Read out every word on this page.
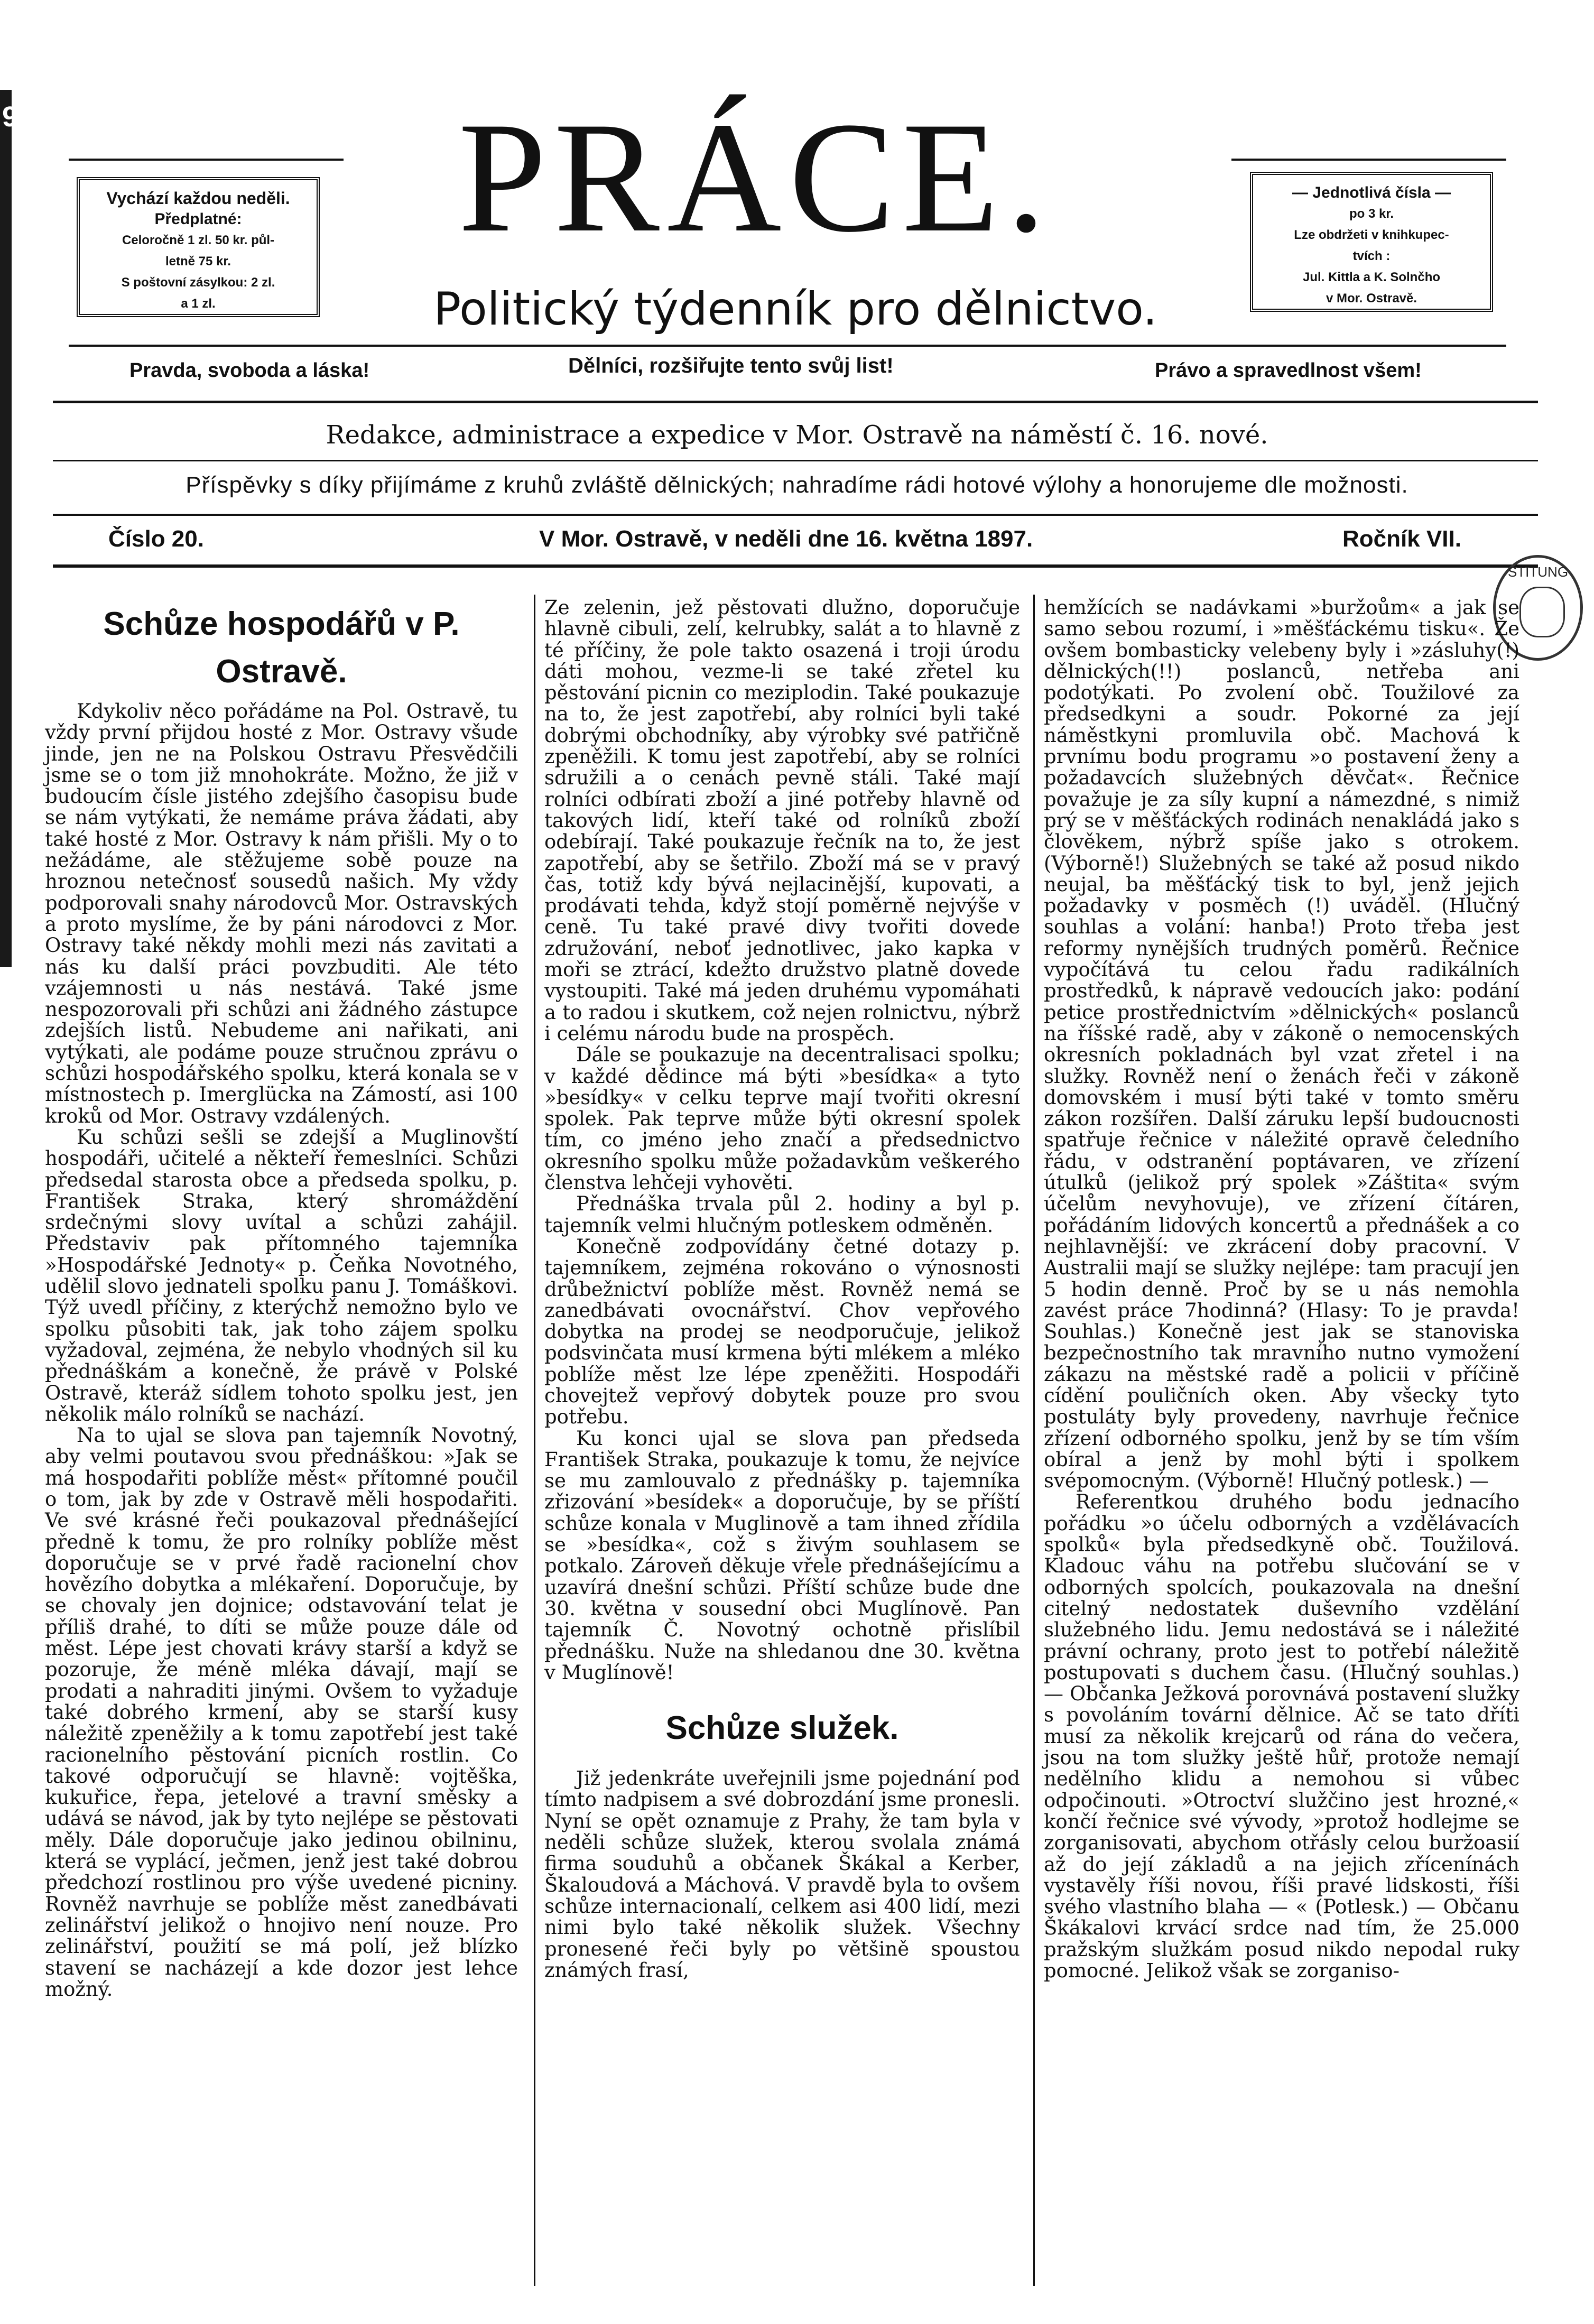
9
Vychází každou neděli.
Předplatné:
Celoročně 1 zl. 50 kr. půl-
letně 75 kr.
S poštovní zásylkou: 2 zl.
a 1 zl.
— Jednotlivá čísla —
po 3 kr.
Lze obdržeti v knihkupec-
tvích :
Jul. Kittla a K. Solnčho
v Mor. Ostravě.
PRÁCE.
Politický týdenník pro dělnictvo.
Pravda, svoboda a láska!	Dělníci, rozšiřujte tento svůj list!	Právo a spravedlnost všem!
Redakce, administrace a expedice v Mor. Ostravě na náměstí č. 16. nové.
Příspěvky s díky přijímáme z kruhů zvláště dělnických; nahradíme rádi hotové výlohy a honorujeme dle možnosti.
Číslo 20.	V Mor. Ostravě, v neděli dne 16. května 1897.	Ročník VII.
STITUNG
Schůze hospodářů v P. Ostravě.

Kdykoliv něco pořádáme na Pol. Ostravě, tu vždy první přijdou hosté z Mor. Ostravy všude jinde, jen ne na Polskou Ostravu Přesvědčili jsme se o tom již mnohokráte. Možno, že již v budoucím čísle jistého zdejšího časopisu bude se nám vytýkati, že nemáme práva žádati, aby také hosté z Mor. Ostravy k nám přišli. My o to nežádáme, ale stěžujeme sobě pouze na hroznou netečnosť sousedů našich. My vždy podporovali snahy národovců Mor. Ostravských a proto myslíme, že by páni národovci z Mor. Ostravy také někdy mohli mezi nás zavitati a nás ku další práci povzbuditi. Ale této vzájemnosti u nás nestává. Také jsme nespozorovali při schůzi ani žádného zástupce zdejších listů. Nebudeme ani nařikati, ani vytýkati, ale podáme pouze stručnou zprávu o schůzi hospodářského spolku, která konala se v místnostech p. Imerglücka na Zámostí, asi 100 kroků od Mor. Ostravy vzdálených.

Ku schůzi sešli se zdejší a Muglinovští hospodáři, učitelé a někteří řemeslníci. Schůzi předsedal starosta obce a předseda spolku, p. František Straka, který shromáždění srdečnými slovy uvítal a schůzi zahájil. Představiv pak přítomného tajemníka »Hospodářské Jednoty« p. Čeňka Novotného, udělil slovo jednateli spolku panu J. Tomáškovi. Týž uvedl příčiny, z kterýchž nemožno bylo ve spolku působiti tak, jak toho zájem spolku vyžadoval, zejména, že nebylo vhodných sil ku přednáškám a konečně, že právě v Polské Ostravě, kteráž sídlem tohoto spolku jest, jen několik málo rolníků se nachází.

Na to ujal se slova pan tajemník Novotný, aby velmi poutavou svou přednáškou: »Jak se má hospodařiti poblíže měst« přítomné poučil o tom, jak by zde v Ostravě měli hospodařiti. Ve své krásné řeči poukazoval přednášející předně k tomu, že pro rolníky poblíže měst doporučuje se v prvé řadě racionelní chov hovězího dobytka a mlékaření. Doporučuje, by se chovaly jen dojnice; odstavování telat je příliš drahé, to díti se může pouze dále od měst. Lépe jest chovati krávy starší a když se pozoruje, že méně mléka dávají, mají se prodati a nahraditi jinými. Ovšem to vyžaduje také dobrého krmení, aby se starší kusy náležitě zpeněžily a k tomu zapotřebí jest také racionelního pěstování picních rostlin. Co takové odporučují se hlavně: vojtěška, kukuřice, řepa, jetelové a travní směsky a udává se návod, jak by tyto nejlépe se pěstovati měly. Dále doporučuje jako jedinou obilninu, která se vyplácí, ječmen, jenž jest také dobrou předchozí rostlinou pro výše uvedené picniny. Rovněž navrhuje se poblíže měst zanedbávati zelinářství jelikož o hnojivo není nouze. Pro zelinářství, použití se má polí, jež blízko stavení se nacházejí a kde dozor jest lehce možný.

Ze zelenin, jež pěstovati dlužno, doporučuje hlavně cibuli, zelí, kelrubky, salát a to hlavně z té příčiny, že pole takto osazená i troji úrodu dáti mohou, vezme-li se také zřetel ku pěstování picnin co meziplodin. Také poukazuje na to, že jest zapotřebí, aby rolníci byli také dobrými obchodníky, aby výrobky své patřičně zpeněžili. K tomu jest zapotřebí, aby se rolníci sdružili a o cenách pevně stáli. Také mají rolníci odbírati zboží a jiné potřeby hlavně od takových lidí, kteří také od rolníků zboží odebírají. Také poukazuje řečník na to, že jest zapotřebí, aby se šetřilo. Zboží má se v pravý čas, totiž kdy bývá nejlacinější, kupovati, a prodávati tehda, když stojí poměrně nejvýše v ceně. Tu také pravé divy tvořiti dovede združování, neboť jednotlivec, jako kapka v moři se ztrácí, kdežto družstvo platně dovede vystoupiti. Také má jeden druhému vypomáhati a to radou i skutkem, což nejen rolnictvu, nýbrž i celému národu bude na prospěch.

Dále se poukazuje na decentralisaci spolku; v každé dědince má býti »besídka« a tyto »besídky« v celku teprve mají tvořiti okresní spolek. Pak teprve může býti okresní spolek tím, co jméno jeho značí a předsednictvo okresního spolku může požadavkům veškerého členstva lehčeji vyhověti.

Přednáška trvala půl 2. hodiny a byl p. tajemník velmi hlučným potleskem odměněn.

Konečně zodpovídány četné dotazy p. tajemníkem, zejména rokováno o výnosnosti drůbežnictví poblíže měst. Rovněž nemá se zanedbávati ovocnářství. Chov vepřového dobytka na prodej se neodporučuje, jelikož podsvinčata musí krmena býti mlékem a mléko poblíže měst lze lépe zpeněžiti. Hospodáři chovejtež vepřový dobytek pouze pro svou potřebu.

Ku konci ujal se slova pan předseda František Straka, poukazuje k tomu, že nejvíce se mu zamlouvalo z přednášky p. tajemníka zřizování »besídek« a doporučuje, by se příští schůze konala v Muglinově a tam ihned zřídila se »besídka«, což s živým souhlasem se potkalo. Zároveň děkuje vřele přednášejícímu a uzavírá dnešní schůzi. Příští schůze bude dne 30. května v sousední obci Muglínově. Pan tajemník Č. Novotný ochotně přislíbil přednášku. Nuže na shledanou dne 30. května v Muglínově!

Schůze služek.

Již jedenkráte uveřejnili jsme pojednání pod tímto nadpisem a své dobrozdání jsme pronesli. Nyní se opět oznamuje z Prahy, že tam byla v neděli schůze služek, kterou svolala známá firma souduhů a občanek Škákal a Kerber, Škaloudová a Máchová. V pravdě byla to ovšem schůze internacionalí, celkem asi 400 lidí, mezi nimi bylo také několik služek. Všechny pronesené řeči byly po většině spoustou známých frasí,

hemžících se nadávkami »buržoům« a jak se samo sebou rozumí, i »měšťáckému tisku«. Že ovšem bombasticky velebeny byly i »zásluhy(!) dělnických(!!) poslanců, netřeba ani podotýkati. Po zvolení obč. Toužilové za předsedkyni a soudr. Pokorné za její náměstkyni promluvila obč. Machová k prvnímu bodu programu »o postavení ženy a požadavcích služebných děvčat«. Řečnice považuje je za síly kupní a námezdné, s nimiž prý se v měšťáckých rodinách nenakládá jako s člověkem, nýbrž spíše jako s otrokem. (Výborně!) Služebných se také až posud nikdo neujal, ba měšťácký tisk to byl, jenž jejich požadavky v posměch (!) uváděl. (Hlučný souhlas a volání: hanba!) Proto třeba jest reformy nynějších trudných poměrů. Řečnice vypočítává tu celou řadu radikálních prostředků, k nápravě vedoucích jako: podání petice prostřednictvím »dělnických« poslanců na říšské radě, aby v zákoně o nemocenských okresních pokladnách byl vzat zřetel i na služky. Rovněž není o ženách řeči v zákoně domovském i musí býti také v tomto směru zákon rozšířen. Další záruku lepší budoucnosti spatřuje řečnice v náležité opravě čeledního řádu, v odstranění poptávaren, ve zřízení útulků (jelikož prý spolek »Záštita« svým účelům nevyhovuje), ve zřízení čítáren, pořádáním lidových koncertů a přednášek a co nejhlavnější: ve zkrácení doby pracovní. V Australii mají se služky nejlépe: tam pracují jen 5 hodin denně. Proč by se u nás nemohla zavést práce 7hodinná? (Hlasy: To je pravda! Souhlas.) Konečně jest jak se stanoviska bezpečnostního tak mravního nutno vymožení zákazu na městské radě a policii v příčině cídění pouličních oken. Aby všecky tyto postuláty byly provedeny, navrhuje řečnice zřízení odborného spolku, jenž by se tím vším obíral a jenž by mohl býti i spolkem svépomocným. (Výborně! Hlučný potlesk.) —

Referentkou druhého bodu jednacího pořádku »o účelu odborných a vzdělávacích spolků« byla předsedkyně obč. Toužilová. Kladouc váhu na potřebu slučování se v odborných spolcích, poukazovala na dnešní citelný nedostatek duševního vzdělání služebného lidu. Jemu nedostává se i náležité právní ochrany, proto jest to potřebí náležitě postupovati s duchem času. (Hlučný souhlas.) — Občanka Ježková porovnává postavení služky s povoláním tovární dělnice. Ač se tato dříti musí za několik krejcarů od rána do večera, jsou na tom služky ještě hůř, protože nemají nedělního klidu a nemohou si vůbec odpočinouti. »Otroctví služčino jest hrozné,« končí řečnice své vývody, »protož hodlejme se zorganisovati, abychom otřásly celou buržoasií až do její základů a na jejich zřícenínách vystavěly říši novou, říši pravé lidskosti, říši svého vlastního blaha — « (Potlesk.) — Občanu Škákalovi krvácí srdce nad tím, že 25.000 pražským služkám posud nikdo nepodal ruky pomocné. Jelikož však se zorganiso-
